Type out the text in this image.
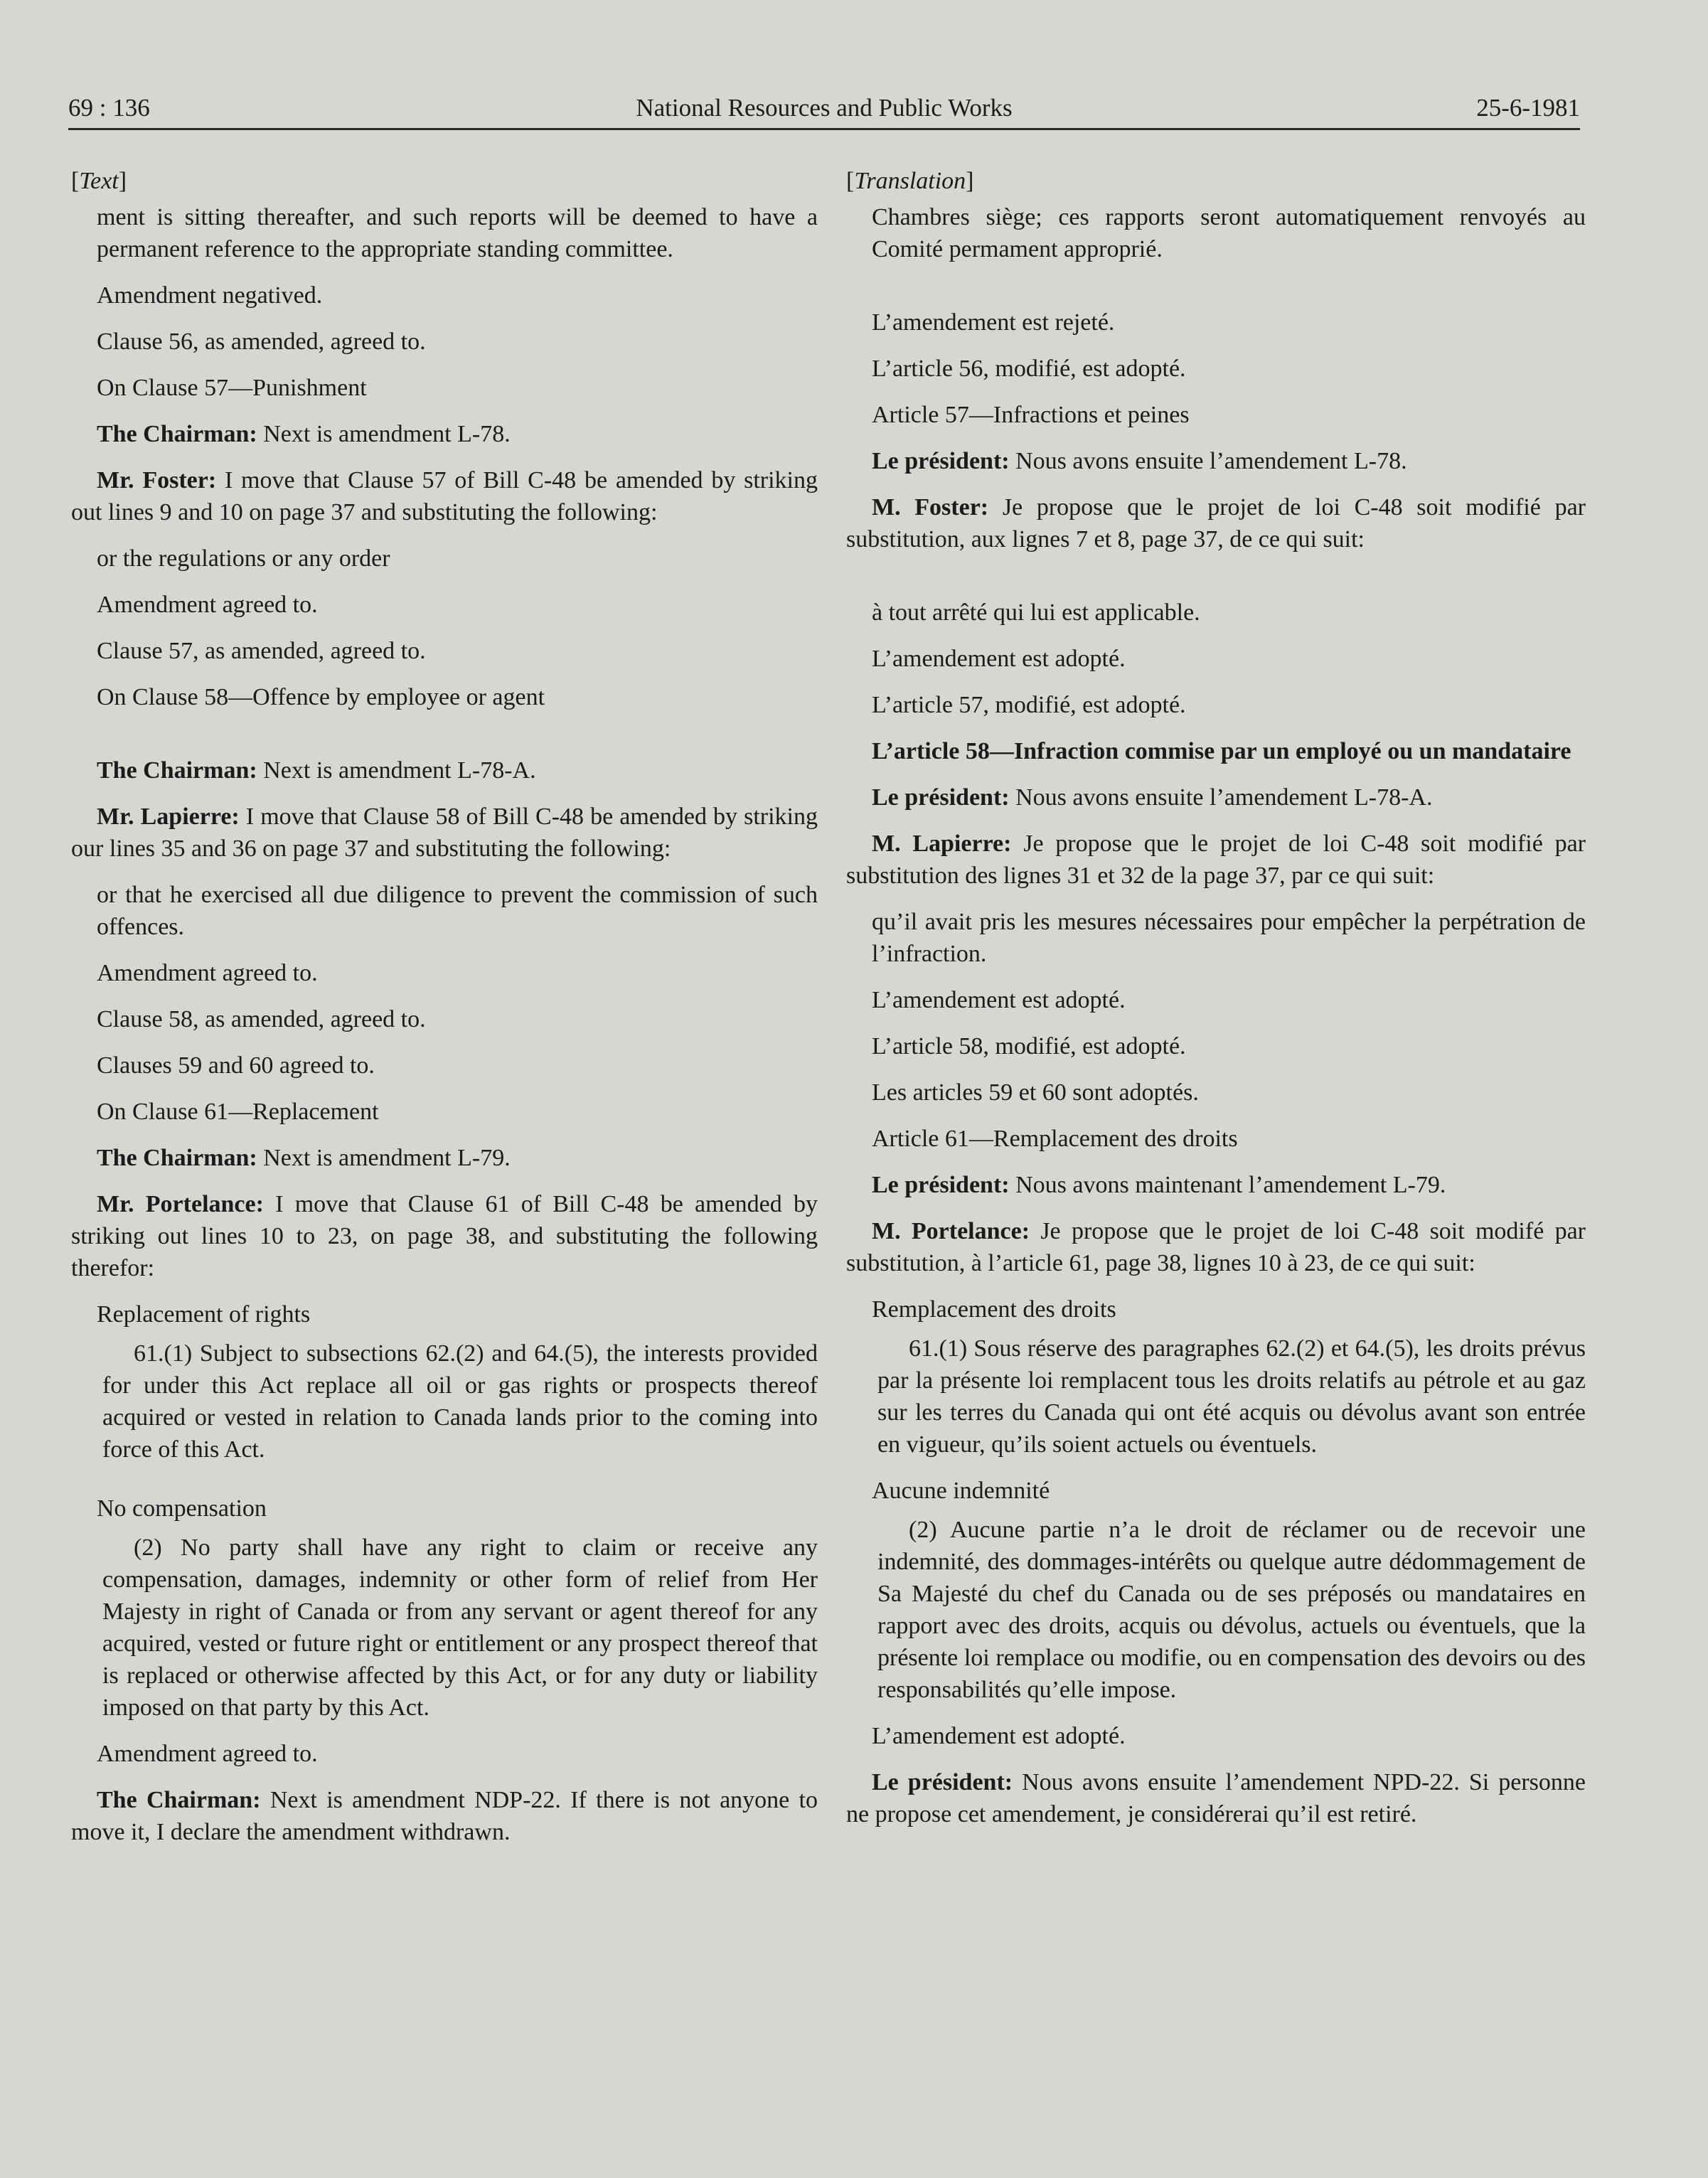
69 : 136	National Resources and Public Works	25-6-1981

[Text]

ment is sitting thereafter, and such reports will be deemed to have a permanent reference to the appropriate standing committee.

Amendment negatived.

Clause 56, as amended, agreed to.

On Clause 57—Punishment

The Chairman: Next is amendment L-78.

Mr. Foster: I move that Clause 57 of Bill C-48 be amended by striking out lines 9 and 10 on page 37 and substituting the following:

or the regulations or any order

Amendment agreed to.

Clause 57, as amended, agreed to.

On Clause 58—Offence by employee or agent

The Chairman: Next is amendment L-78-A.

Mr. Lapierre: I move that Clause 58 of Bill C-48 be amended by striking our lines 35 and 36 on page 37 and substituting the following:

or that he exercised all due diligence to prevent the commission of such offences.

Amendment agreed to.

Clause 58, as amended, agreed to.

Clauses 59 and 60 agreed to.

On Clause 61—Replacement

The Chairman: Next is amendment L-79.

Mr. Portelance: I move that Clause 61 of Bill C-48 be amended by striking out lines 10 to 23, on page 38, and substituting the following therefor:

Replacement of rights

61.(1) Subject to subsections 62.(2) and 64.(5), the interests provided for under this Act replace all oil or gas rights or prospects thereof acquired or vested in relation to Canada lands prior to the coming into force of this Act.

No compensation

(2) No party shall have any right to claim or receive any compensation, damages, indemnity or other form of relief from Her Majesty in right of Canada or from any servant or agent thereof for any acquired, vested or future right or entitlement or any prospect thereof that is replaced or otherwise affected by this Act, or for any duty or liability imposed on that party by this Act.

Amendment agreed to.

The Chairman: Next is amendment NDP-22. If there is not anyone to move it, I declare the amendment withdrawn.

[Translation]

Chambres siège; ces rapports seront automatiquement renvoyés au Comité permament approprié.

L’amendement est rejeté.

L’article 56, modifié, est adopté.

Article 57—Infractions et peines

Le président: Nous avons ensuite l’amendement L-78.

M. Foster: Je propose que le projet de loi C-48 soit modifié par substitution, aux lignes 7 et 8, page 37, de ce qui suit:

à tout arrêté qui lui est applicable.

L’amendement est adopté.

L’article 57, modifié, est adopté.

L’article 58—Infraction commise par un employé ou un mandataire

Le président: Nous avons ensuite l’amendement L-78-A.

M. Lapierre: Je propose que le projet de loi C-48 soit modifié par substitution des lignes 31 et 32 de la page 37, par ce qui suit:

qu’il avait pris les mesures nécessaires pour empêcher la perpétration de l’infraction.

L’amendement est adopté.

L’article 58, modifié, est adopté.

Les articles 59 et 60 sont adoptés.

Article 61—Remplacement des droits

Le président: Nous avons maintenant l’amendement L-79.

M. Portelance: Je propose que le projet de loi C-48 soit modifé par substitution, à l’article 61, page 38, lignes 10 à 23, de ce qui suit:

Remplacement des droits

61.(1) Sous réserve des paragraphes 62.(2) et 64.(5), les droits prévus par la présente loi remplacent tous les droits relatifs au pétrole et au gaz sur les terres du Canada qui ont été acquis ou dévolus avant son entrée en vigueur, qu’ils soient actuels ou éventuels.

Aucune indemnité

(2) Aucune partie n’a le droit de réclamer ou de recevoir une indemnité, des dommages-intérêts ou quelque autre dédommagement de Sa Majesté du chef du Canada ou de ses préposés ou mandataires en rapport avec des droits, acquis ou dévolus, actuels ou éventuels, que la présente loi remplace ou modifie, ou en compensation des devoirs ou des responsabilités qu’elle impose.

L’amendement est adopté.

Le président: Nous avons ensuite l’amendement NPD-22. Si personne ne propose cet amendement, je considérerai qu’il est retiré.
